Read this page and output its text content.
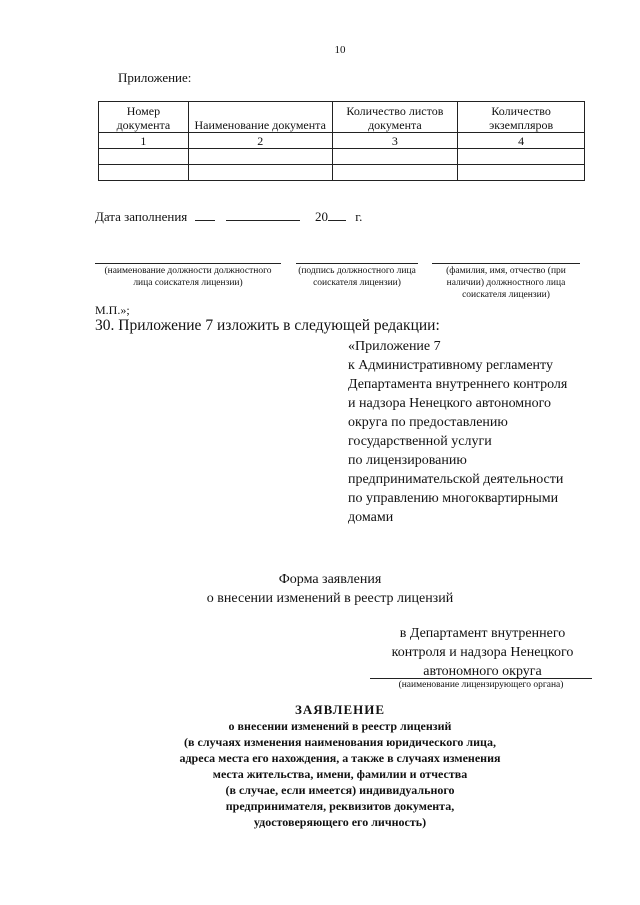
10
Приложение:
Номер документа	Наименование документа	Количество листов документа	Количество экземпляров
1	2	3	4

Дата заполнения	20 г.
(наименование должности должностного лица соискателя лицензии)
(подпись должностного лица соискателя лицензии)
(фамилия, имя, отчество (при наличии) должностного лица соискателя лицензии)
М.П.»;
30. Приложение 7 изложить в следующей редакции:
«Приложение 7
к Административному регламенту
Департамента внутреннего контроля
и надзора Ненецкого автономного
округа по предоставлению
государственной услуги
по лицензированию
предпринимательской деятельности
по управлению многоквартирными
домами
Форма заявления
о внесении изменений в реестр лицензий
в Департамент внутреннего
контроля и надзора Ненецкого
автономного округа
(наименование лицензирующего органа)
ЗАЯВЛЕНИЕ
о внесении изменений в реестр лицензий
(в случаях изменения наименования юридического лица,
адреса места его нахождения, а также в случаях изменения
места жительства, имени, фамилии и отчества
(в случае, если имеется) индивидуального
предпринимателя, реквизитов документа,
удостоверяющего его личность)
